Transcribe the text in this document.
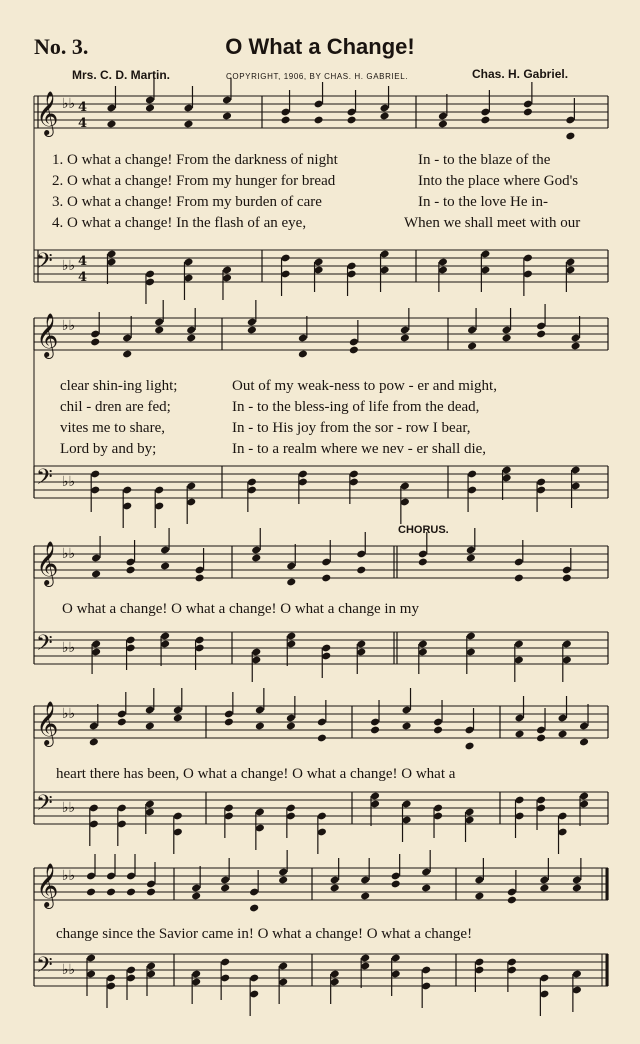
No. 3.	O What a Change!
Mrs. C. D. Martin.	COPYRIGHT, 1906, BY CHAS. H. GABRIEL.	Chas. H. Gabriel.
1. O what a change! From the darkness of night	In - to the blaze of the
2. O what a change! From my hunger for bread	Into the place where God's
3. O what a change! From my burden of care	In - to the love He in-
4. O what a change! In the flash of an eye,	When we shall meet with our
clear shin-ing light;	Out of my weak-ness to pow - er and might,
chil - dren are fed;	In - to the bless-ing of life from the dead,
vites me to share,	In - to His joy from the sor - row I bear,
Lord by and by;	In - to a realm where we nev - er shall die,
CHORUS.
O what a change! O what a change! O what a change in my
heart there has been, O what a change! O what a change! O what a
change since the Savior came in! O what a change! O what a change!
𝄞 ♭♭ 4
4
𝄢 ♭♭ 4
4
𝄞 ♭♭
𝄢 ♭♭
𝄞 ♭♭
𝄢 ♭♭
𝄞 ♭♭
𝄢 ♭♭
𝄞 ♭♭
𝄢 ♭♭
